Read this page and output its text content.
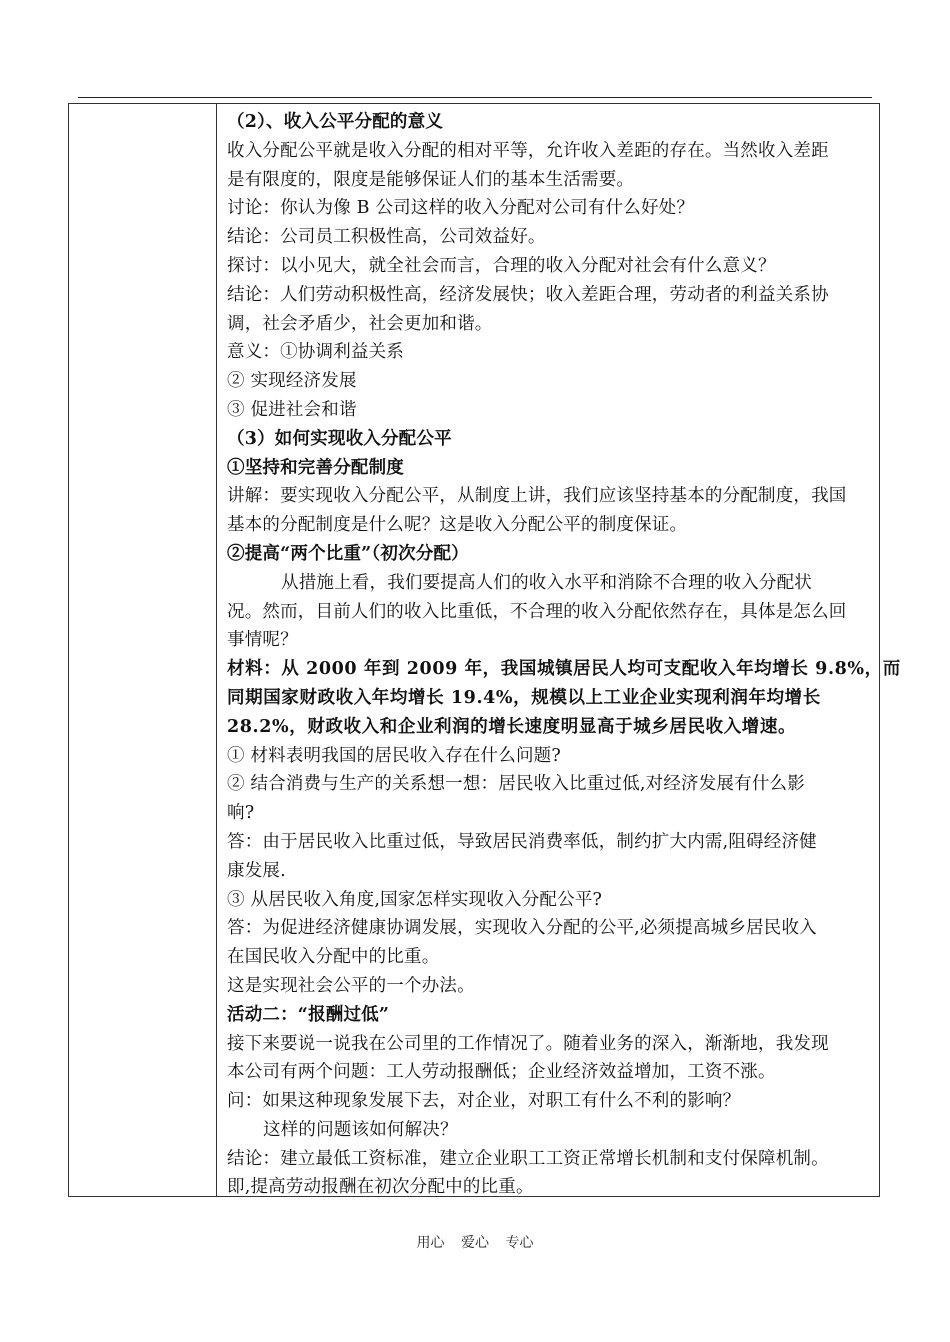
（2）、收入公平分配的意义
收入分配公平就是收入分配的相对平等，允许收入差距的存在。当然收入差距
是有限度的，限度是能够保证人们的基本生活需要。
讨论：你认为像 B 公司这样的收入分配对公司有什么好处？
结论：公司员工积极性高，公司效益好。
探讨：以小见大，就全社会而言，合理的收入分配对社会有什么意义？
结论：人们劳动积极性高，经济发展快；收入差距合理，劳动者的利益关系协
调，社会矛盾少，社会更加和谐。
意义：①协调利益关系
② 实现经济发展
③ 促进社会和谐
（3）如何实现收入分配公平
①坚持和完善分配制度
讲解：要实现收入分配公平，从制度上讲，我们应该坚持基本的分配制度，我国
基本的分配制度是什么呢？这是收入分配公平的制度保证。
②提高“两个比重”（初次分配）
从措施上看，我们要提高人们的收入水平和消除不合理的收入分配状
况。然而，目前人们的收入比重低，不合理的收入分配依然存在，具体是怎么回
事情呢？
材料：从 2000 年到 2009 年，我国城镇居民人均可支配收入年均增长 9.8%，而
同期国家财政收入年均增长 19.4%，规模以上工业企业实现利润年均增长
28.2%，财政收入和企业利润的增长速度明显高于城乡居民收入增速。
① 材料表明我国的居民收入存在什么问题?
② 结合消费与生产的关系想一想：居民收入比重过低,对经济发展有什么影
响?
答：由于居民收入比重过低，导致居民消费率低，制约扩大内需,阻碍经济健
康发展.
③ 从居民收入角度,国家怎样实现收入分配公平?
答：为促进经济健康协调发展，实现收入分配的公平,必须提高城乡居民收入
在国民收入分配中的比重。
这是实现社会公平的一个办法。
活动二：“报酬过低”
接下来要说一说我在公司里的工作情况了。随着业务的深入，渐渐地，我发现
本公司有两个问题：工人劳动报酬低；企业经济效益增加，工资不涨。
问：如果这种现象发展下去，对企业，对职工有什么不利的影响？
这样的问题该如何解决？
结论：建立最低工资标准，建立企业职工工资正常增长机制和支付保障机制。
即,提高劳动报酬在初次分配中的比重。
用心 爱心 专心
